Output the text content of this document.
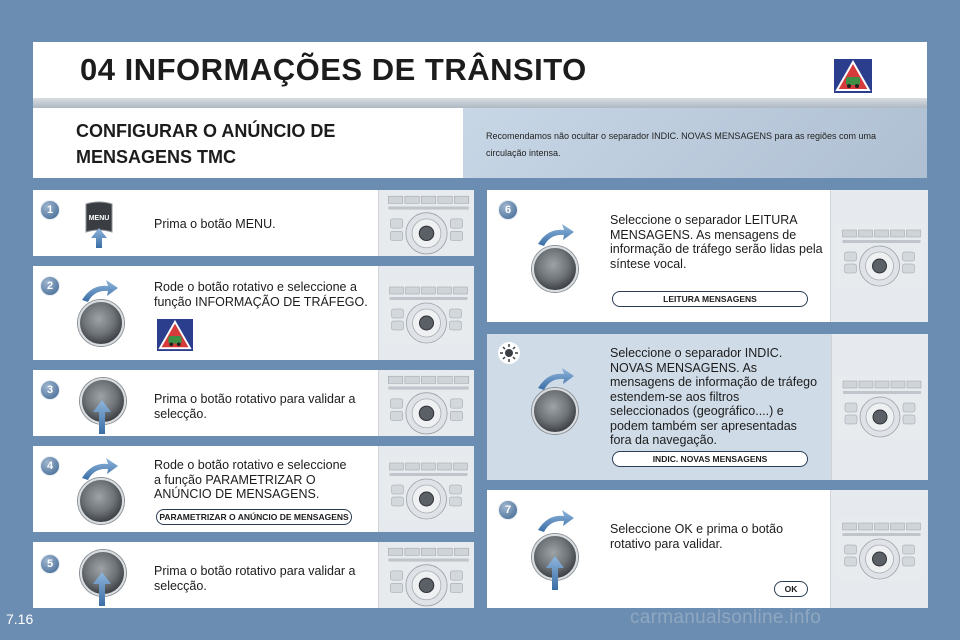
04 INFORMAÇÕES DE TRÂNSITO
CONFIGURAR O ANÚNCIO DE MENSAGENS TMC
Recomendamos não ocultar o separador INDIC. NOVAS MENSAGENS para as regiões com uma circulação intensa.
1
MENU	Prima o botão MENU.
2	Rode o botão rotativo e seleccione a função INFORMAÇÃO DE TRÁFEGO.
3
Prima o botão rotativo para validar a selecção.
4	Rode o botão rotativo e seleccione a função PARAMETRIZAR O ANÚNCIO DE MENSAGENS.
PARAMETRIZAR O ANÚNCIO DE MENSAGENS
5	Prima o botão rotativo para validar a selecção.
6
Seleccione o separador LEITURA MENSAGENS. As mensagens de informação de tráfego serão lidas pela síntese vocal.
LEITURA MENSAGENS
Seleccione o separador INDIC. NOVAS MENSAGENS. As mensagens de informação de tráfego estendem-se aos filtros seleccionados (geográfico....) e podem também ser apresentadas fora da navegação.
INDIC. NOVAS MENSAGENS
7
Seleccione OK e prima o botão rotativo para validar.
OK
7.16	carmanualsonline.info
